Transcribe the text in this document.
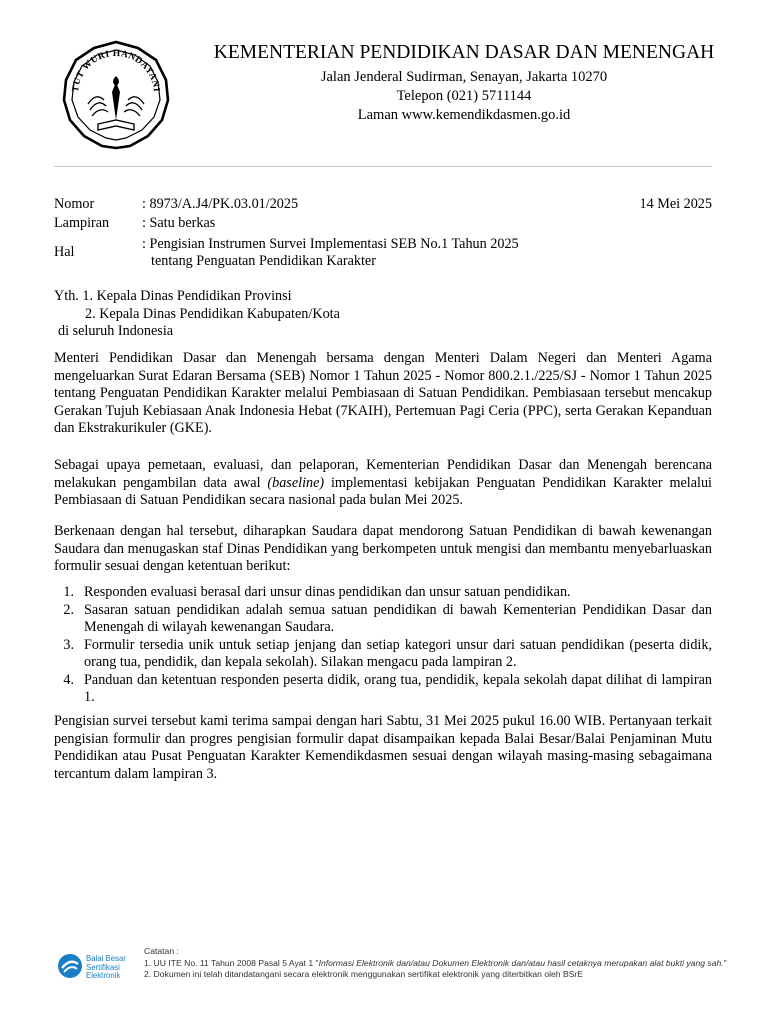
TUT WURI HANDAYANI
KEMENTERIAN PENDIDIKAN DASAR DAN MENENGAH
Jalan Jenderal Sudirman, Senayan, Jakarta 10270
Telepon (021) 5711144
Laman www.kemendikdasmen.go.id
Nomor	: 8973/A.J4/PK.03.01/2025	14 Mei 2025
Lampiran : Satu berkas
Hal	: Pengisian Instrumen Survei Implementasi SEB No.1 Tahun 2025
tentang Penguatan Pendidikan Karakter
Yth. 1. Kepala Dinas Pendidikan Provinsi
2. Kepala Dinas Pendidikan Kabupaten/Kota
di seluruh Indonesia
Menteri Pendidikan Dasar dan Menengah bersama dengan Menteri Dalam Negeri dan Menteri Agama mengeluarkan Surat Edaran Bersama (SEB) Nomor 1 Tahun 2025 - Nomor 800.2.1./225/SJ - Nomor 1 Tahun 2025 tentang Penguatan Pendidikan Karakter melalui Pembiasaan di Satuan Pendidikan. Pembiasaan tersebut mencakup Gerakan Tujuh Kebiasaan Anak Indonesia Hebat (7KAIH), Pertemuan Pagi Ceria (PPC), serta Gerakan Kepanduan dan Ekstrakurikuler (GKE).
Sebagai upaya pemetaan, evaluasi, dan pelaporan, Kementerian Pendidikan Dasar dan Menengah berencana melakukan pengambilan data awal (baseline) implementasi kebijakan Penguatan Pendidikan Karakter melalui Pembiasaan di Satuan Pendidikan secara nasional pada bulan Mei 2025.
Berkenaan dengan hal tersebut, diharapkan Saudara dapat mendorong Satuan Pendidikan di bawah kewenangan Saudara dan menugaskan staf Dinas Pendidikan yang berkompeten untuk mengisi dan membantu menyebarluaskan formulir sesuai dengan ketentuan berikut:
1. Responden evaluasi berasal dari unsur dinas pendidikan dan unsur satuan pendidikan.
2. Sasaran satuan pendidikan adalah semua satuan pendidikan di bawah Kementerian Pendidikan Dasar dan Menengah di wilayah kewenangan Saudara.
3. Formulir tersedia unik untuk setiap jenjang dan setiap kategori unsur dari satuan pendidikan (peserta didik, orang tua, pendidik, dan kepala sekolah). Silakan mengacu pada lampiran 2.
4. Panduan dan ketentuan responden peserta didik, orang tua, pendidik, kepala sekolah dapat dilihat di lampiran 1.
Pengisian survei tersebut kami terima sampai dengan hari Sabtu, 31 Mei 2025 pukul 16.00 WIB. Pertanyaan terkait pengisian formulir dan progres pengisian formulir dapat disampaikan kepada Balai Besar/Balai Penjaminan Mutu Pendidikan atau Pusat Penguatan Karakter Kemendikdasmen sesuai dengan wilayah masing-masing sebagaimana tercantum dalam lampiran 3.
Balai Besar
Sertifikasi
Elektronik
Catatan :
1. UU ITE No. 11 Tahun 2008 Pasal 5 Ayat 1 "Informasi Elektronik dan/atau Dokumen Elektronik dan/atau hasil cetaknya merupakan alat bukti yang sah."
2. Dokumen ini telah ditandatangani secara elektronik menggunakan sertifikat elektronik yang diterbitkan oleh BSrE
